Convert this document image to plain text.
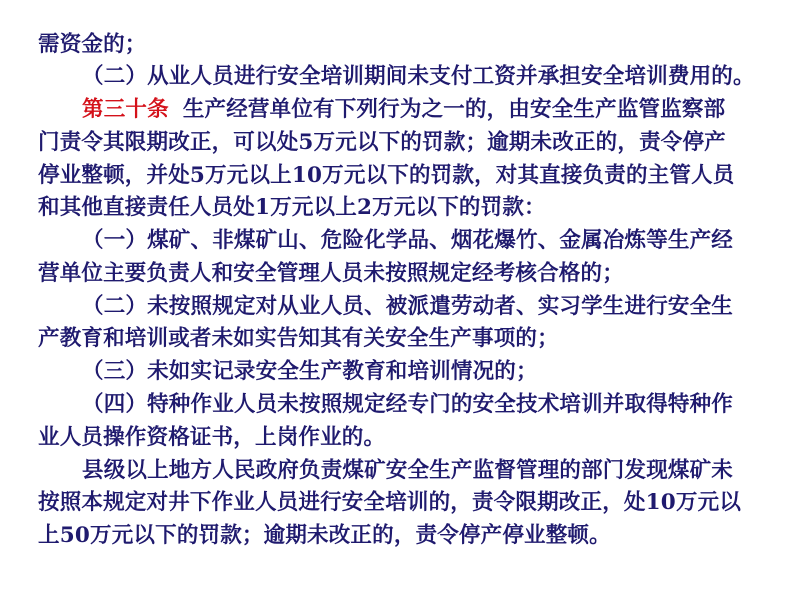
需资金的；
（二）从业人员进行安全培训期间未支付工资并承担安全培训费用的。
第三十条 生产经营单位有下列行为之一的，由安全生产监管监察部
门责令其限期改正，可以处5万元以下的罚款；逾期未改正的，责令停产
停业整顿，并处5万元以上10万元以下的罚款，对其直接负责的主管人员
和其他直接责任人员处1万元以上2万元以下的罚款：
（一）煤矿、非煤矿山、危险化学品、烟花爆竹、金属冶炼等生产经
营单位主要负责人和安全管理人员未按照规定经考核合格的；
（二）未按照规定对从业人员、被派遣劳动者、实习学生进行安全生
产教育和培训或者未如实告知其有关安全生产事项的；
（三）未如实记录安全生产教育和培训情况的；
（四）特种作业人员未按照规定经专门的安全技术培训并取得特种作
业人员操作资格证书，上岗作业的。
县级以上地方人民政府负责煤矿安全生产监督管理的部门发现煤矿未
按照本规定对井下作业人员进行安全培训的，责令限期改正，处10万元以
上50万元以下的罚款；逾期未改正的，责令停产停业整顿。
